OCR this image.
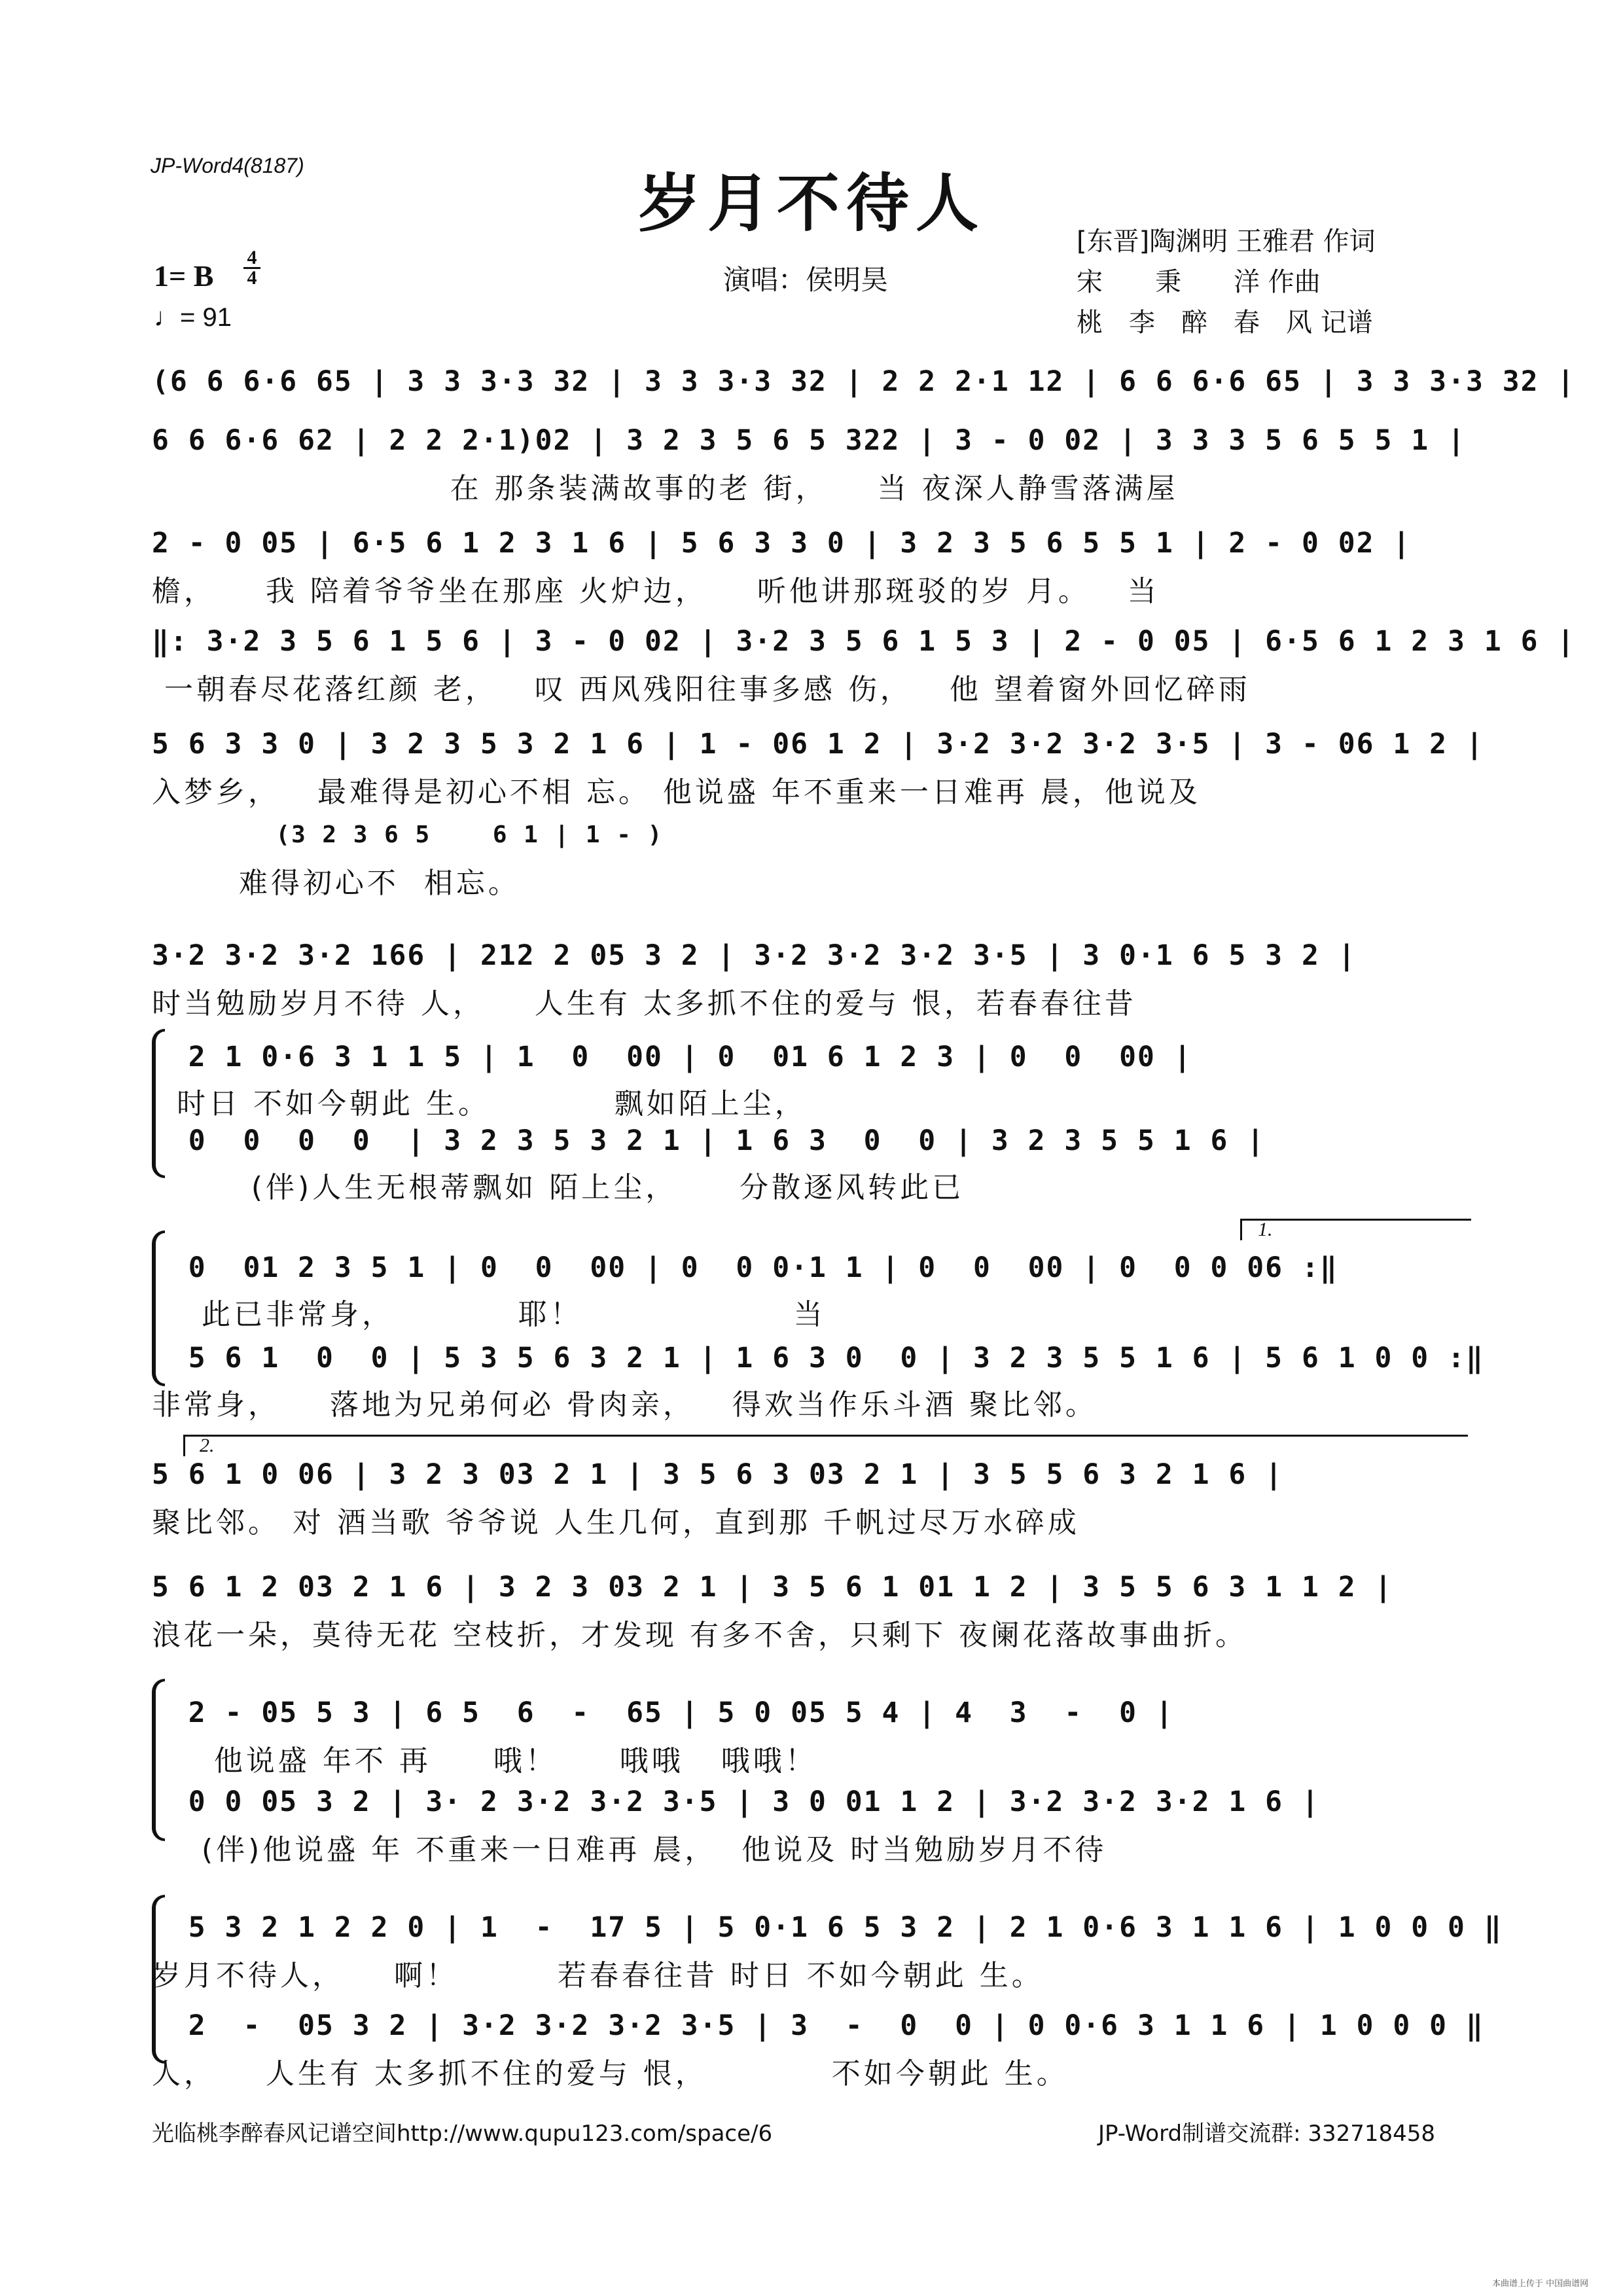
JP-Word4(8187)
岁月不待人
1= B
4
4
♩= 91
演唱：侯明昊
[东晋]陶渊明 王雅君 作词
宋　　秉　　洋 作曲
桃　李　醉　春　风 记谱
(6 6 6·6 65 | 3 3 3·3 32 | 3 3 3·3 32 | 2 2 2·1 12 | 6 6 6·6 65 | 3 3 3·3 32 |
6 6 6·6 62 | 2 2 2·1)02 | 3 2 3 5 6 5 322 | 3 - 0 02 | 3 3 3 5 6 5 5 1 |
在 那条装满故事的老 街，    当 夜深人静雪落满屋
2 - 0 05 | 6·5 6 1 2 3 1 6 | 5 6 3 3 0 | 3 2 3 5 6 5 5 1 | 2 - 0 02 |
檐，    我 陪着爷爷坐在那座 火炉边，    听他讲那斑驳的岁 月。   当
‖: 3·2 3 5 6 1 5 6 | 3 - 0 02 | 3·2 3 5 6 1 5 3 | 2 - 0 05 | 6·5 6 1 2 3 1 6 |
一朝春尽花落红颜 老，   叹 西风残阳往事多感 伤，   他 望着窗外回忆碎雨
5 6 3 3 0 | 3 2 3 5 3 2 1 6 | 1 - 06 1 2 | 3·2 3·2 3·2 3·5 | 3 - 06 1 2 |
入梦乡，   最难得是初心不相 忘。 他说盛 年不重来一日难再 晨，他说及
(3 2 3 6 5    6 1 | 1 - )
难得初心不  相忘。
3·2 3·2 3·2 166 | 212 2 05 3 2 | 3·2 3·2 3·2 3·5 | 3 0·1 6 5 3 2 |
时当勉励岁月不待 人，    人生有 太多抓不住的爱与 恨，若春春往昔
2 1 0·6 3 1 1 5 | 1  0  00 | 0  01 6 1 2 3 | 0  0  00 |
时日 不如今朝此 生。          飘如陌上尘，
0  0  0  0  | 3 2 3 5 3 2 1 | 1 6 3  0  0 | 3 2 3 5 5 1 6 |
(伴)人生无根蒂飘如 陌上尘，     分散逐风转此已
1.
0  01 2 3 5 1 | 0  0  00 | 0  0 0·1 1 | 0  0  00 | 0  0 0 06 :‖
此已非常身，          耶！                 当
5 6 1  0  0 | 5 3 5 6 3 2 1 | 1 6 3 0  0 | 3 2 3 5 5 1 6 | 5 6 1 0 0 :‖
非常身，    落地为兄弟何必 骨肉亲，   得欢当作乐斗酒 聚比邻。
2.
5 6 1 0 06 | 3 2 3 03 2 1 | 3 5 6 3 03 2 1 | 3 5 5 6 3 2 1 6 |
聚比邻。 对 酒当歌 爷爷说 人生几何，直到那 千帆过尽万水碎成
5 6 1 2 03 2 1 6 | 3 2 3 03 2 1 | 3 5 6 1 01 1 2 | 3 5 5 6 3 1 1 2 |
浪花一朵，莫待无花 空枝折，才发现 有多不舍，只剩下 夜阑花落故事曲折。
2 - 05 5 3 | 6 5  6  -  65 | 5 0 05 5 4 | 4  3  -  0 |
他说盛 年不 再     哦！     哦哦   哦哦！
0 0 05 3 2 | 3· 2 3·2 3·2 3·5 | 3 0 01 1 2 | 3·2 3·2 3·2 1 6 |
(伴)他说盛 年 不重来一日难再 晨，  他说及 时当勉励岁月不待
5 3 2 1 2 2 0 | 1  -  17 5 | 5 0·1 6 5 3 2 | 2 1 0·6 3 1 1 6 | 1 0 0 0 ‖
岁月不待人，    啊！        若春春往昔 时日 不如今朝此 生。
2  -  05 3 2 | 3·2 3·2 3·2 3·5 | 3  -  0  0 | 0 0·6 3 1 1 6 | 1 0 0 0 ‖
人，    人生有 太多抓不住的爱与 恨，          不如今朝此 生。
光临桃李醉春风记谱空间http://www.qupu123.com/space/6	JP-Word制谱交流群: 332718458
本曲谱上传于 中国曲谱网
